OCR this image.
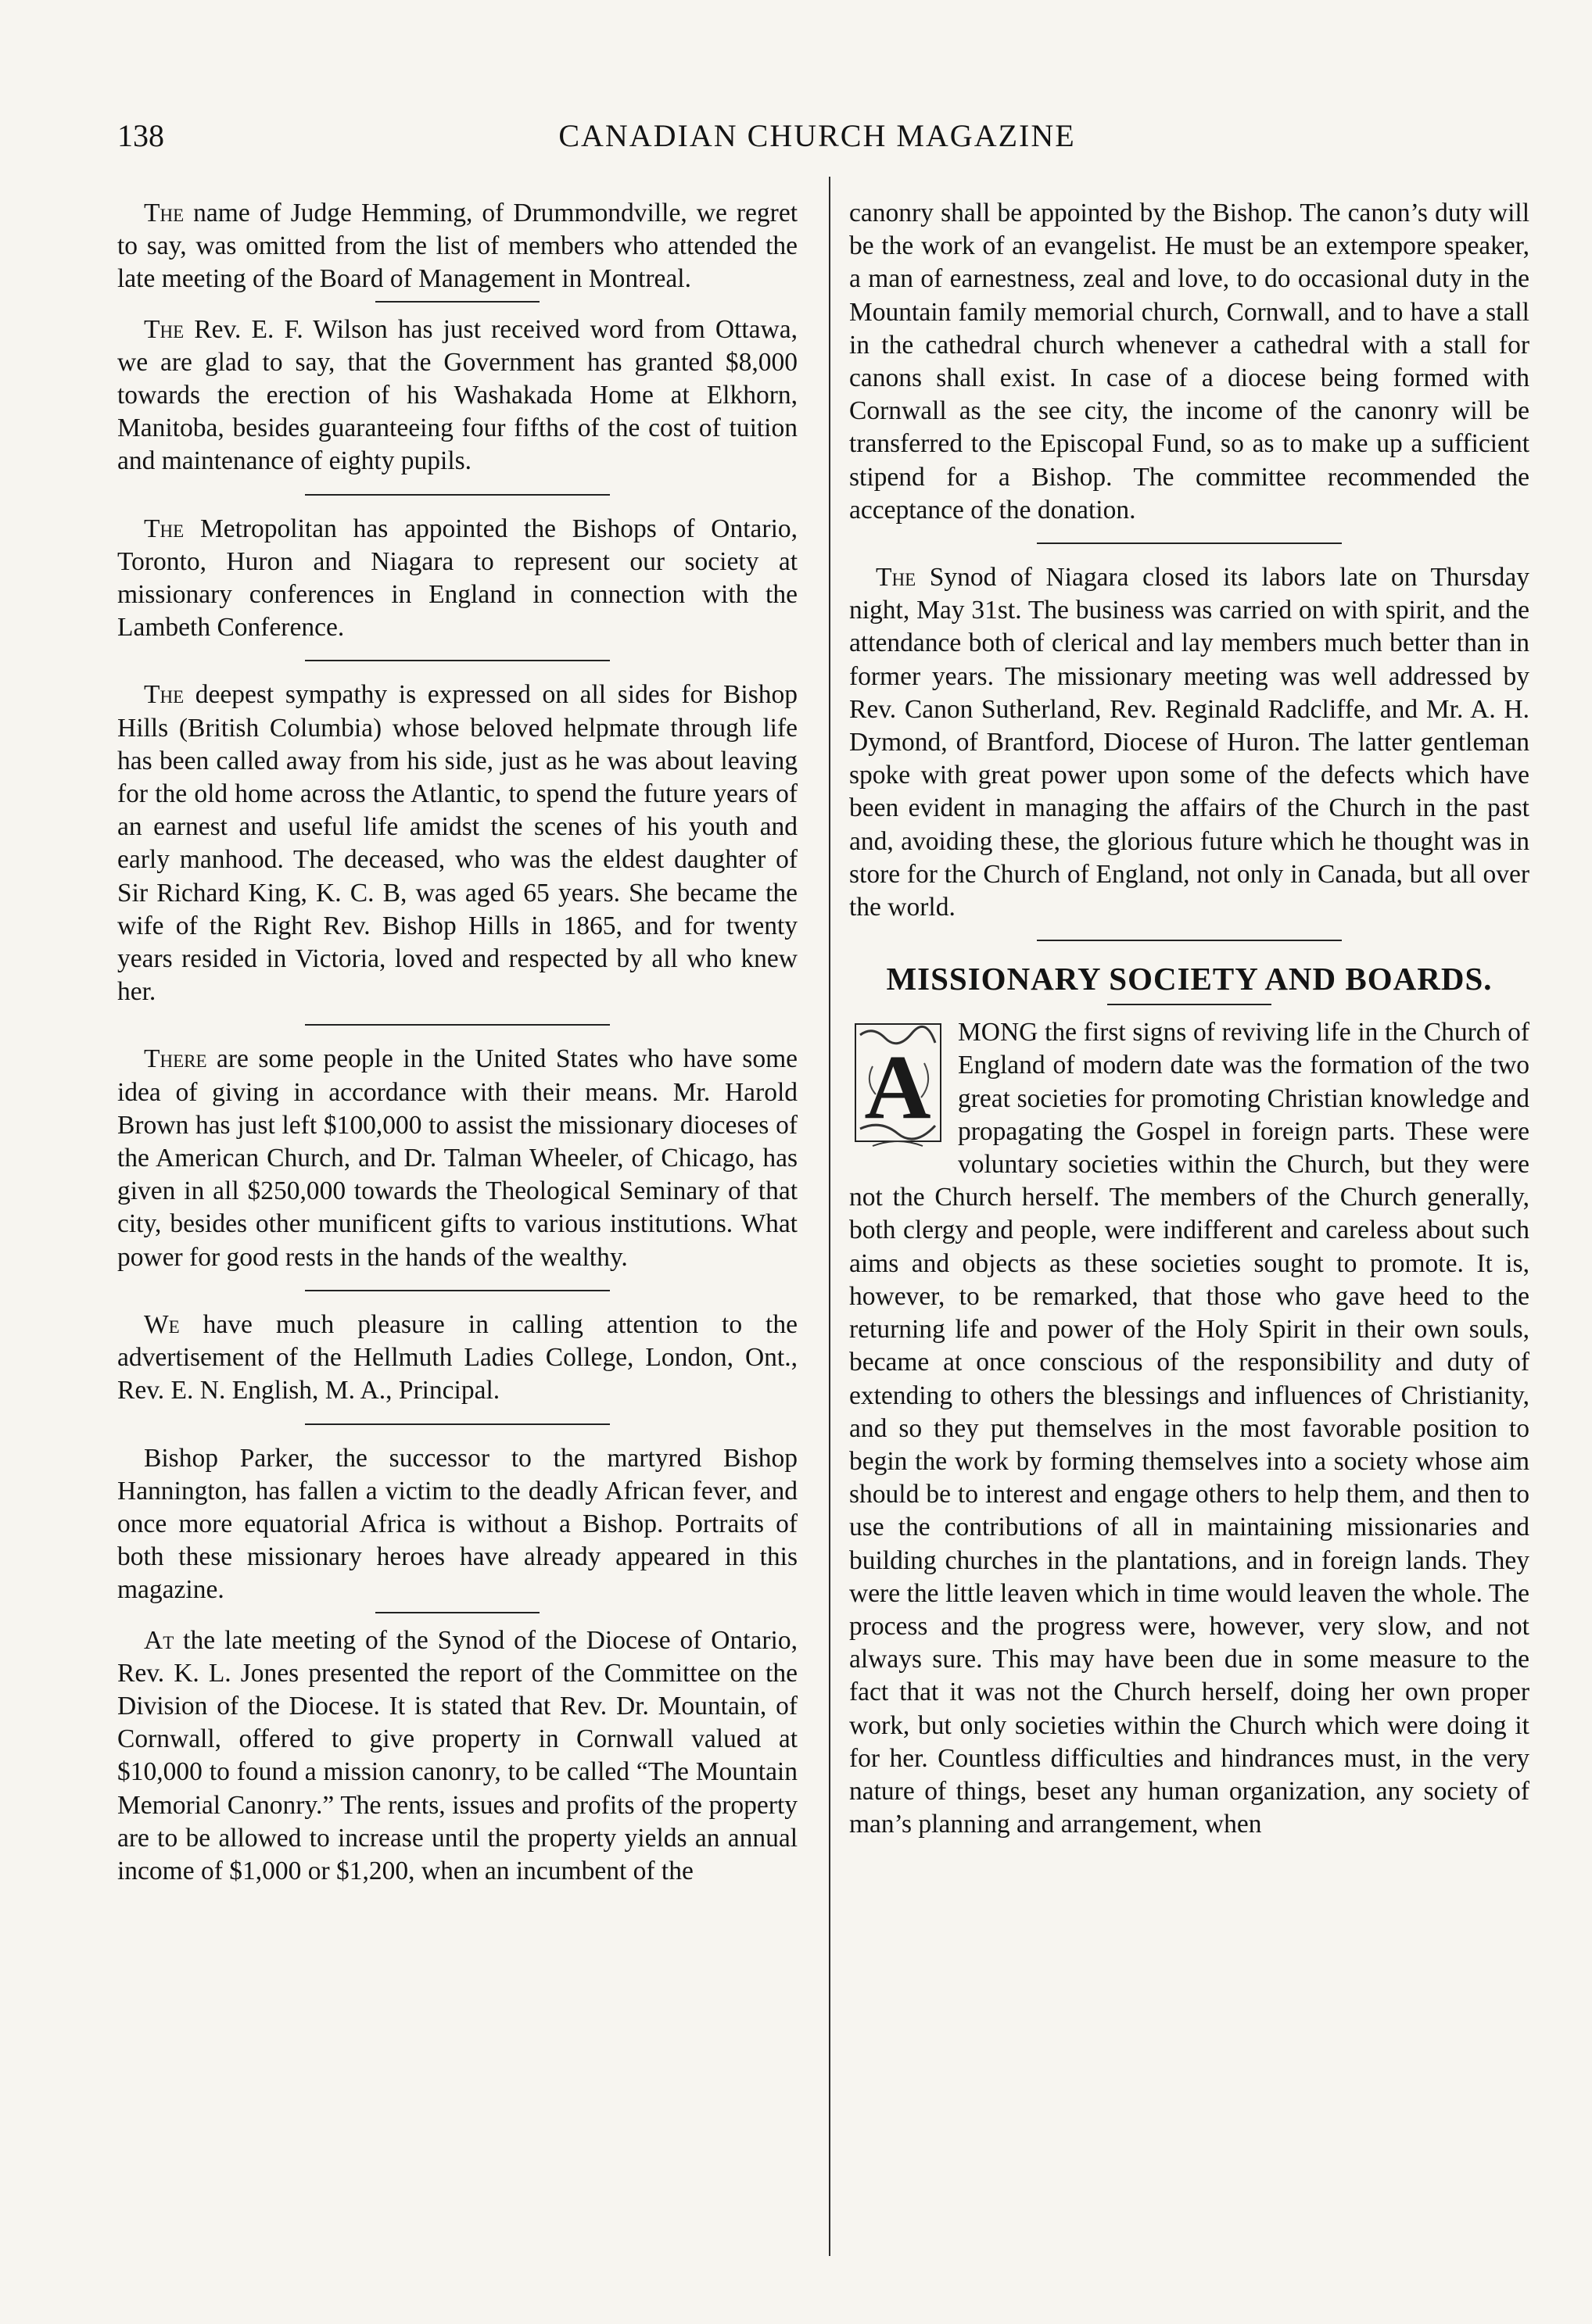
138	CANADIAN CHURCH MAGAZINE

The name of Judge Hemming, of Drummondville, we regret to say, was omitted from the list of members who attended the late meeting of the Board of Management in Montreal.

The Rev. E. F. Wilson has just received word from Ottawa, we are glad to say, that the Government has granted $8,000 towards the erection of his Washakada Home at Elkhorn, Manitoba, besides guaranteeing four fifths of the cost of tuition and maintenance of eighty pupils.

The Metropolitan has appointed the Bishops of Ontario, Toronto, Huron and Niagara to represent our society at missionary conferences in England in connection with the Lambeth Conference.

The deepest sympathy is expressed on all sides for Bishop Hills (British Columbia) whose beloved helpmate through life has been called away from his side, just as he was about leaving for the old home across the Atlantic, to spend the future years of an earnest and useful life amidst the scenes of his youth and early manhood. The deceased, who was the eldest daughter of Sir Richard King, K. C. B, was aged 65 years. She became the wife of the Right Rev. Bishop Hills in 1865, and for twenty years resided in Victoria, loved and respected by all who knew her.

There are some people in the United States who have some idea of giving in accordance with their means. Mr. Harold Brown has just left $100,000 to assist the missionary dioceses of the American Church, and Dr. Talman Wheeler, of Chicago, has given in all $250,000 towards the Theological Seminary of that city, besides other munificent gifts to various institutions. What power for good rests in the hands of the wealthy.

We have much pleasure in calling attention to the advertisement of the Hellmuth Ladies College, London, Ont., Rev. E. N. English, M. A., Principal.

Bishop Parker, the successor to the martyred Bishop Hannington, has fallen a victim to the deadly African fever, and once more equatorial Africa is without a Bishop. Portraits of both these missionary heroes have already appeared in this magazine.

At the late meeting of the Synod of the Diocese of Ontario, Rev. K. L. Jones presented the report of the Committee on the Division of the Diocese. It is stated that Rev. Dr. Mountain, of Cornwall, offered to give property in Cornwall valued at $10,000 to found a mission canonry, to be called “The Mountain Memorial Canonry.” The rents, issues and profits of the property are to be allowed to increase until the property yields an annual income of $1,000 or $1,200, when an incumbent of the

canonry shall be appointed by the Bishop. The canon’s duty will be the work of an evangelist. He must be an extempore speaker, a man of earnestness, zeal and love, to do occasional duty in the Mountain family memorial church, Cornwall, and to have a stall in the cathedral church whenever a cathedral with a stall for canons shall exist. In case of a diocese being formed with Cornwall as the see city, the income of the canonry will be transferred to the Episcopal Fund, so as to make up a sufficient stipend for a Bishop. The committee recommended the acceptance of the donation.

The Synod of Niagara closed its labors late on Thursday night, May 31st. The business was carried on with spirit, and the attendance both of clerical and lay members much better than in former years. The missionary meeting was well addressed by Rev. Canon Sutherland, Rev. Reginald Radcliffe, and Mr. A. H. Dymond, of Brantford, Diocese of Huron. The latter gentleman spoke with great power upon some of the defects which have been evident in managing the affairs of the Church in the past and, avoiding these, the glorious future which he thought was in store for the Church of England, not only in Canada, but all over the world.

MISSIONARY SOCIETY AND BOARDS.

A
MONG the first signs of reviving life in the Church of England of modern date was the formation of the two great societies for promoting Christian knowledge and propagating the Gospel in foreign parts. These were voluntary societies within the Church, but they were not the Church herself. The members of the Church generally, both clergy and people, were indifferent and careless about such aims and objects as these societies sought to promote. It is, however, to be remarked, that those who gave heed to the returning life and power of the Holy Spirit in their own souls, became at once conscious of the responsibility and duty of extending to others the blessings and influences of Christianity, and so they put themselves in the most favorable position to begin the work by forming themselves into a society whose aim should be to interest and engage others to help them, and then to use the contributions of all in maintaining missionaries and building churches in the plantations, and in foreign lands. They were the little leaven which in time would leaven the whole. The process and the progress were, however, very slow, and not always sure. This may have been due in some measure to the fact that it was not the Church herself, doing her own proper work, but only societies within the Church which were doing it for her. Countless difficulties and hindrances must, in the very nature of things, beset any human organization, any society of man’s planning and arrangement, when
